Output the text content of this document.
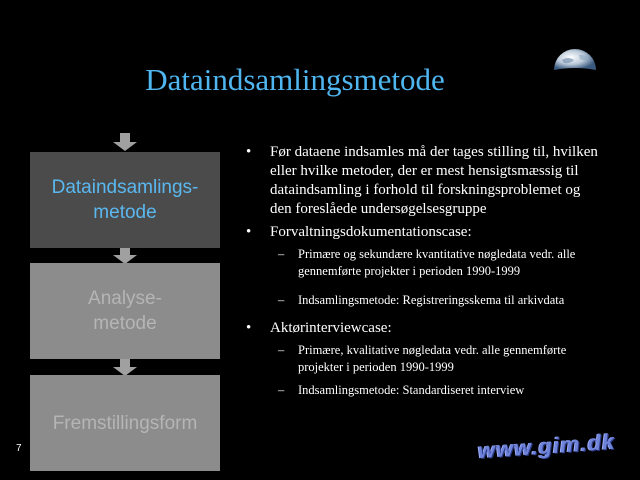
Dataindsamlingsmetode
Dataindsamlings-
metode
Analyse-
metode
Fremstillingsform
• Før dataene indsamles må der tages stilling til, hvilken eller hvilke metoder, der er mest hensigtsmæssig til dataindsamling i forhold til forskningsproblemet og den foreslåede undersøgelsesgruppe
• Forvaltningsdokumentationscase:
– Primære og sekundære kvantitative nøgledata vedr. alle gennemførte projekter i perioden 1990-1999
– Indsamlingsmetode: Registreringsskema til arkivdata
• Aktørinterviewcase:
– Primære, kvalitative nøgledata vedr. alle gennemførte projekter i perioden 1990-1999
– Indsamlingsmetode: Standardiseret interview
7	www.gim.dk
